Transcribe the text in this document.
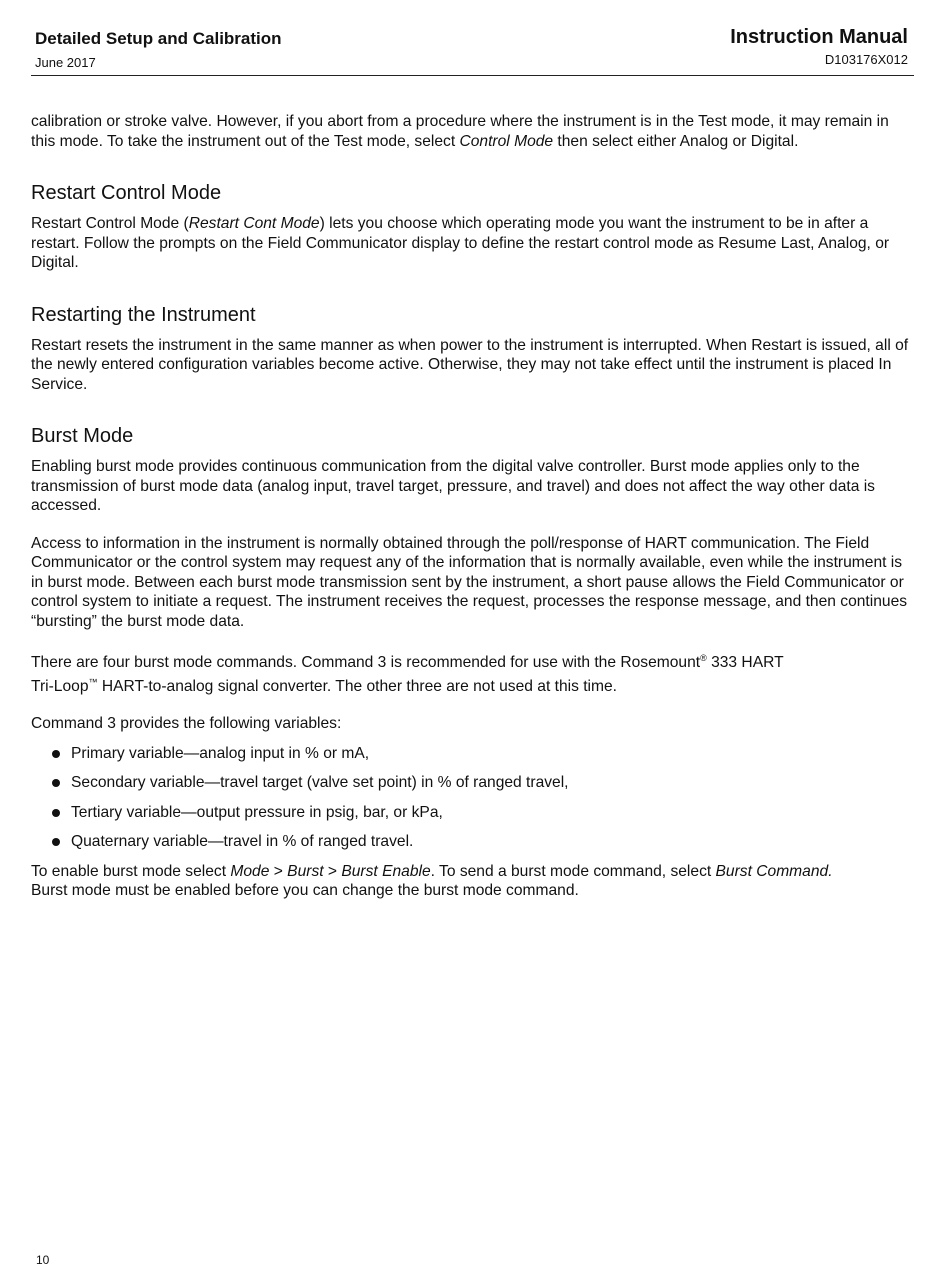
Detailed Setup and Calibration
June 2017
Instruction Manual
D103176X012

calibration or stroke valve. However, if you abort from a procedure where the instrument is in the Test mode, it may remain in this mode. To take the instrument out of the Test mode, select Control Mode then select either Analog or Digital.

Restart Control Mode

Restart Control Mode (Restart Cont Mode) lets you choose which operating mode you want the instrument to be in after a restart. Follow the prompts on the Field Communicator display to define the restart control mode as Resume Last, Analog, or Digital.

Restarting the Instrument

Restart resets the instrument in the same manner as when power to the instrument is interrupted. When Restart is issued, all of the newly entered configuration variables become active. Otherwise, they may not take effect until the instrument is placed In Service.

Burst Mode

Enabling burst mode provides continuous communication from the digital valve controller. Burst mode applies only to the transmission of burst mode data (analog input, travel target, pressure, and travel) and does not affect the way other data is accessed.

Access to information in the instrument is normally obtained through the poll/response of HART communication. The Field Communicator or the control system may request any of the information that is normally available, even while the instrument is in burst mode. Between each burst mode transmission sent by the instrument, a short pause allows the Field Communicator or control system to initiate a request. The instrument receives the request, processes the response message, and then continues “bursting” the burst mode data.

There are four burst mode commands. Command 3 is recommended for use with the Rosemount® 333 HART
Tri-Loop™ HART-to-analog signal converter. The other three are not used at this time.

Command 3 provides the following variables:

Primary variable—analog input in % or mA,
Secondary variable—travel target (valve set point) in % of ranged travel,
Tertiary variable—output pressure in psig, bar, or kPa,
Quaternary variable—travel in % of ranged travel.

To enable burst mode select Mode > Burst > Burst Enable. To send a burst mode command, select Burst Command.
Burst mode must be enabled before you can change the burst mode command.

10
